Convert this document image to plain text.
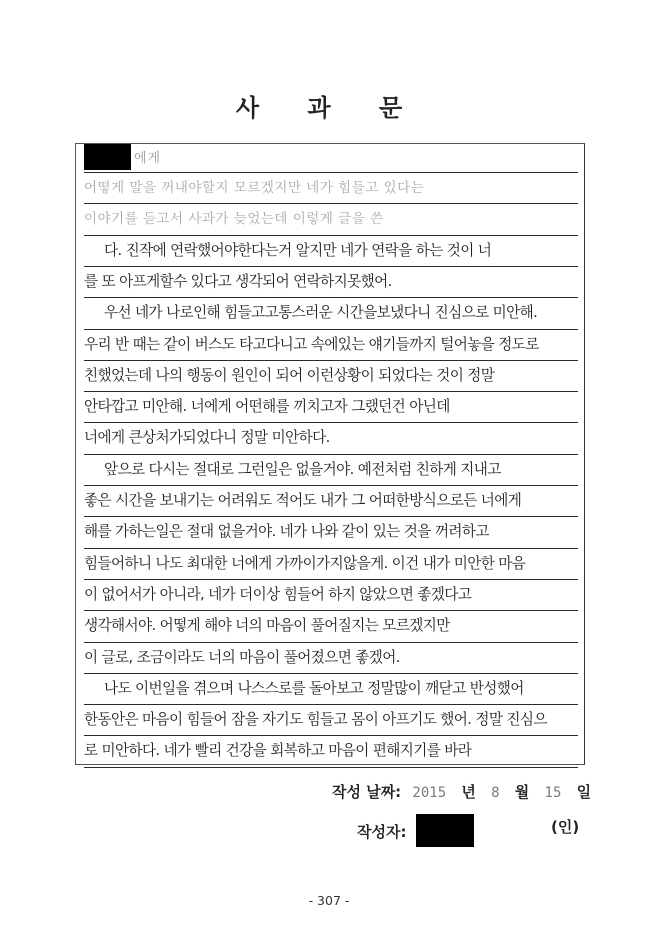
사 과 문
에게
어떻게 말을 꺼내야할지 모르겠지만 네가 힘들고 있다는
이야기를 듣고서 사과가 늦었는데 이렇게 글을 쓴
다. 진작에 연락했어야한다는거 알지만 네가 연락을 하는 것이 너
를 또 아프게할수 있다고 생각되어 연락하지못했어.
우선 네가 나로인해 힘들고고통스러운 시간을보냈다니 진심으로 미안해.
우리 반 때는 같이 버스도 타고다니고 속에있는 얘기들까지 털어놓을 정도로
친했었는데 나의 행동이 원인이 되어 이런상황이 되었다는 것이 정말
안타깝고 미안해. 너에게 어떤해를 끼치고자 그랬던건 아닌데
너에게 큰상처가되었다니 정말 미안하다.
앞으로 다시는 절대로 그런일은 없을거야. 예전처럼 친하게 지내고
좋은 시간을 보내기는 어려워도 적어도 내가 그 어떠한방식으로든 너에게
해를 가하는일은 절대 없을거야. 네가 나와 같이 있는 것을 꺼려하고
힘들어하니 나도 최대한 너에게 가까이가지않을게. 이건 내가 미안한 마음
이 없어서가 아니라, 네가 더이상 힘들어 하지 않았으면 좋겠다고
생각해서야. 어떻게 해야 너의 마음이 풀어질지는 모르겠지만
이 글로, 조금이라도 너의 마음이 풀어졌으면 좋겠어.
나도 이번일을 겪으며 나스스로를 돌아보고 정말많이 깨닫고 반성했어
한동안은 마음이 힘들어 잠을 자기도 힘들고 몸이 아프기도 했어. 정말 진심으
로 미안하다. 네가 빨리 건강을 회복하고 마음이 편해지기를 바라
작성 날짜: 2015 년 8 월 15 일
작성자:	(인)
- 307 -
